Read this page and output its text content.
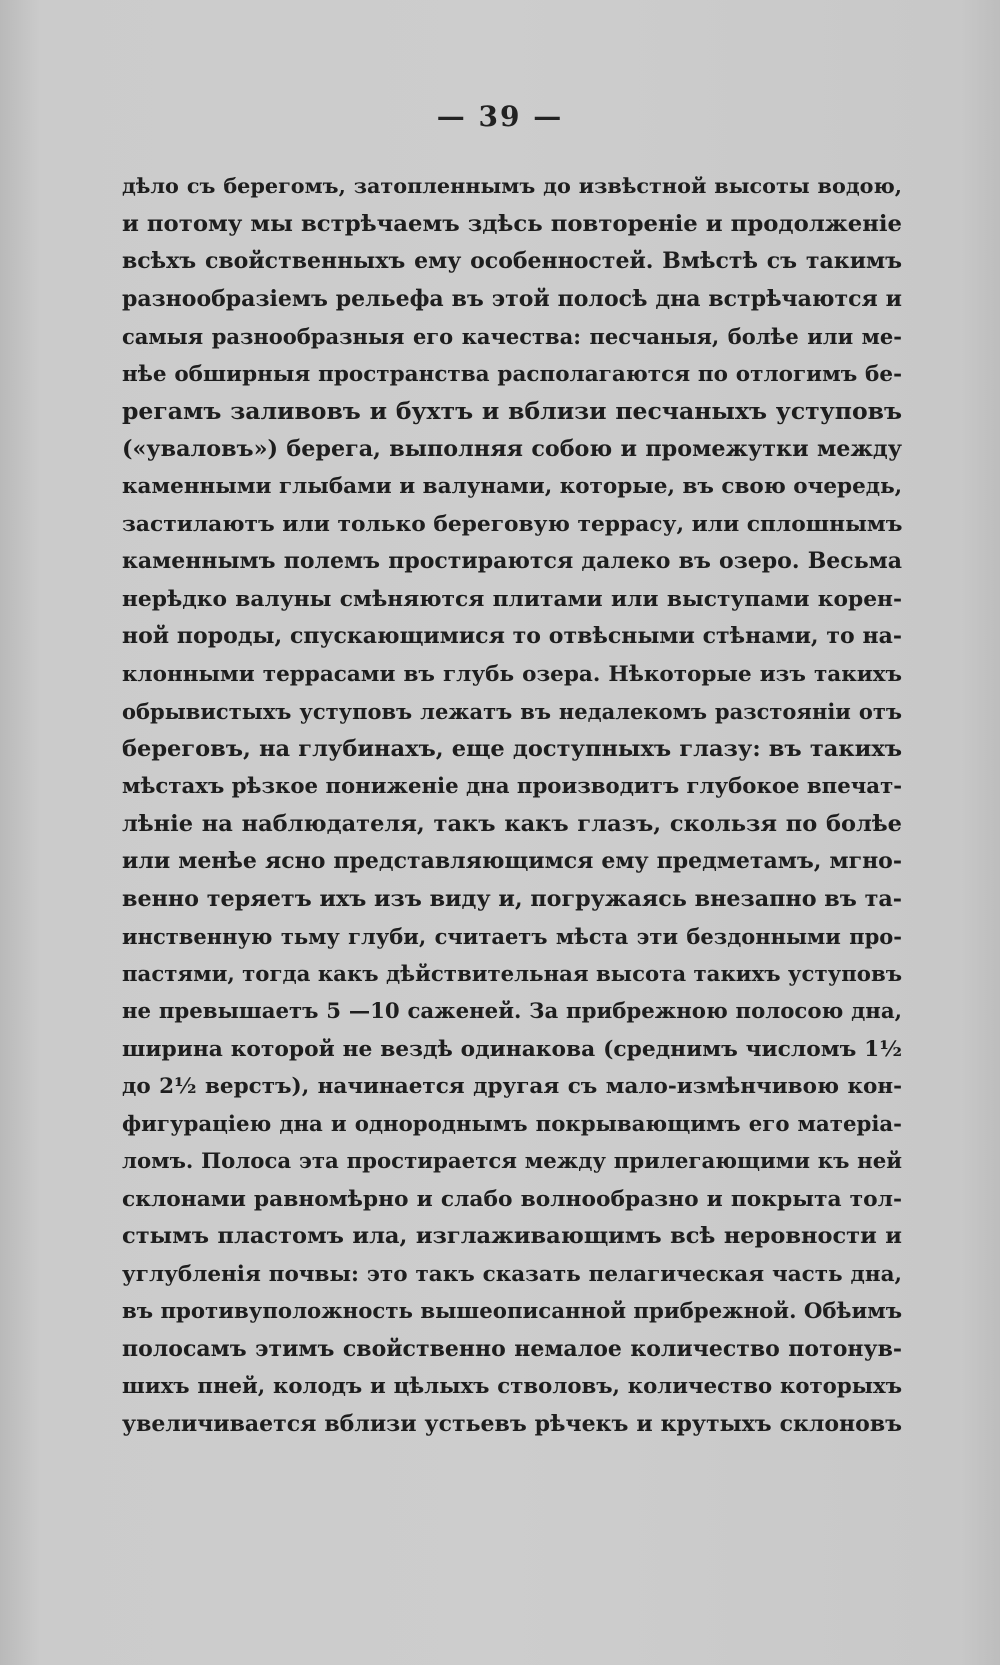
— 39 —
дѣло съ берегомъ, затопленнымъ до извѣстной высоты водою,
и потому мы встрѣчаемъ здѣсь повторенiе и продолженiе
всѣхъ свойственныхъ ему особенностей. Вмѣстѣ съ такимъ
разнообразiемъ рельефа въ этой полосѣ дна встрѣчаются и
самыя разнообразныя его качества: песчаныя, болѣе или ме-
нѣе обширныя пространства располагаются по отлогимъ бе-
регамъ заливовъ и бухтъ и вблизи песчаныхъ уступовъ
(«уваловъ») берега, выполняя собою и промежутки между
каменными глыбами и валунами, которые, въ свою очередь,
застилаютъ или только береговую террасу, или сплошнымъ
каменнымъ полемъ простираются далеко въ озеро. Весьма
нерѣдко валуны смѣняются плитами или выступами корен-
ной породы, спускающимися то отвѣсными стѣнами, то на-
клонными террасами въ глубь озера. Нѣкоторые изъ такихъ
обрывистыхъ уступовъ лежатъ въ недалекомъ разстоянiи отъ
береговъ, на глубинахъ, еще доступныхъ глазу: въ такихъ
мѣстахъ рѣзкое пониженiе дна производитъ глубокое впечат-
лѣнiе на наблюдателя, такъ какъ глазъ, скользя по болѣе
или менѣе ясно представляющимся ему предметамъ, мгно-
венно теряетъ ихъ изъ виду и, погружаясь внезапно въ та-
инственную тьму глуби, считаетъ мѣста эти бездонными про-
пастями, тогда какъ дѣйствительная высота такихъ уступовъ
не превышаетъ 5 —10 саженей. За прибрежною полосою дна,
ширина которой не вездѣ одинакова (среднимъ числомъ 1½
до 2½ верстъ), начинается другая съ мало-измѣнчивою кон-
фигурацiею дна и однороднымъ покрывающимъ его матерiа-
ломъ. Полоса эта простирается между прилегающими къ ней
склонами равномѣрно и слабо волнообразно и покрыта тол-
стымъ пластомъ ила, изглаживающимъ всѣ неровности и
углубленiя почвы: это такъ сказать пелагическая часть дна,
въ противуположность вышеописанной прибрежной. Обѣимъ
полосамъ этимъ свойственно немалое количество потонув-
шихъ пней, колодъ и цѣлыхъ стволовъ, количество которыхъ
увеличивается вблизи устьевъ рѣчекъ и крутыхъ склоновъ
